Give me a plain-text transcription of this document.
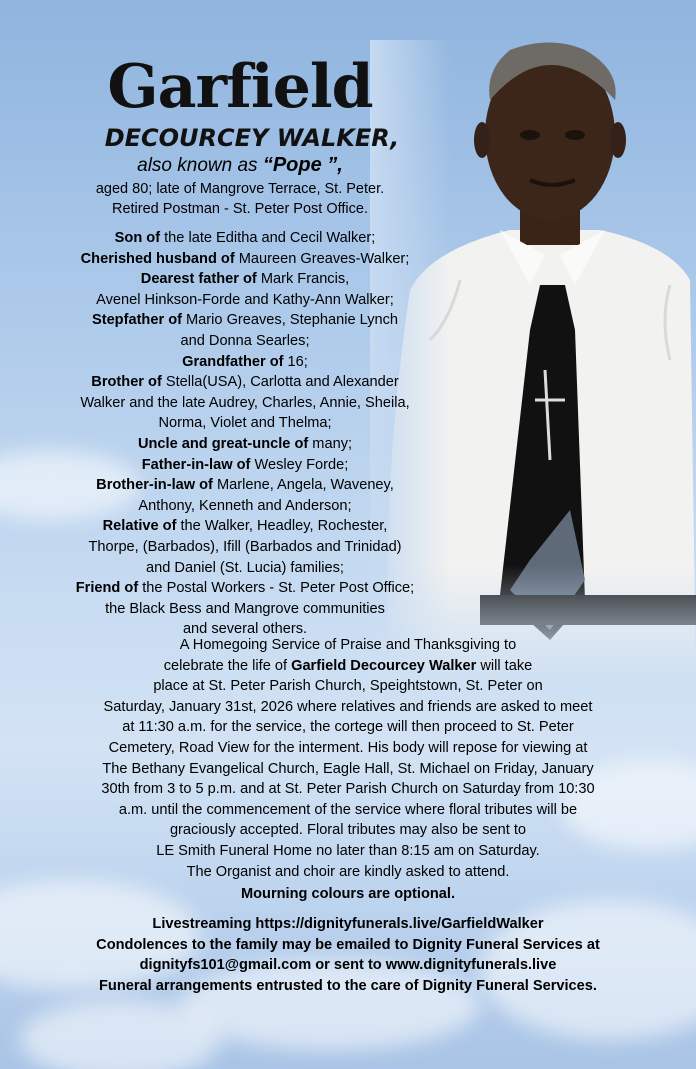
Garfield
DECOURCEY WALKER,
also known as “Pope ”,
aged 80; late of Mangrove Terrace, St. Peter.
Retired Postman - St. Peter Post Office.
Son of the late Editha and Cecil Walker;
Cherished husband of Maureen Greaves-Walker;
Dearest father of Mark Francis,
Avenel Hinkson-Forde and Kathy-Ann Walker;
Stepfather of Mario Greaves, Stephanie Lynch
and Donna Searles;
Grandfather of 16;
Brother of Stella(USA), Carlotta and Alexander
Walker and the late Audrey, Charles, Annie, Sheila,
Norma, Violet and Thelma;
Uncle and great-uncle of many;
Father-in-law of Wesley Forde;
Brother-in-law of Marlene, Angela, Waveney,
Anthony, Kenneth and Anderson;
Relative of the Walker, Headley, Rochester,
Thorpe, (Barbados), Ifill (Barbados and Trinidad)
and Daniel (St. Lucia) families;
Friend of the Postal Workers - St. Peter Post Office;
the Black Bess and Mangrove communities
and several others.
A Homegoing Service of Praise and Thanksgiving to
celebrate the life of Garfield Decourcey Walker will take
place at St. Peter Parish Church, Speightstown, St. Peter on
Saturday, January 31st, 2026 where relatives and friends are asked to meet
at 11:30 a.m. for the service, the cortege will then proceed to St. Peter
Cemetery, Road View for the interment. His body will repose for viewing at
The Bethany Evangelical Church, Eagle Hall, St. Michael on Friday, January
30th from 3 to 5 p.m. and at St. Peter Parish Church on Saturday from 10:30
a.m. until the commencement of the service where floral tributes will be
graciously accepted. Floral tributes may also be sent to
LE Smith Funeral Home no later than 8:15 am on Saturday.
The Organist and choir are kindly asked to attend.
Mourning colours are optional.
Livestreaming https://dignityfunerals.live/GarfieldWalker
Condolences to the family may be emailed to Dignity Funeral Services at
dignityfs101@gmail.com or sent to www.dignityfunerals.live
Funeral arrangements entrusted to the care of Dignity Funeral Services.
